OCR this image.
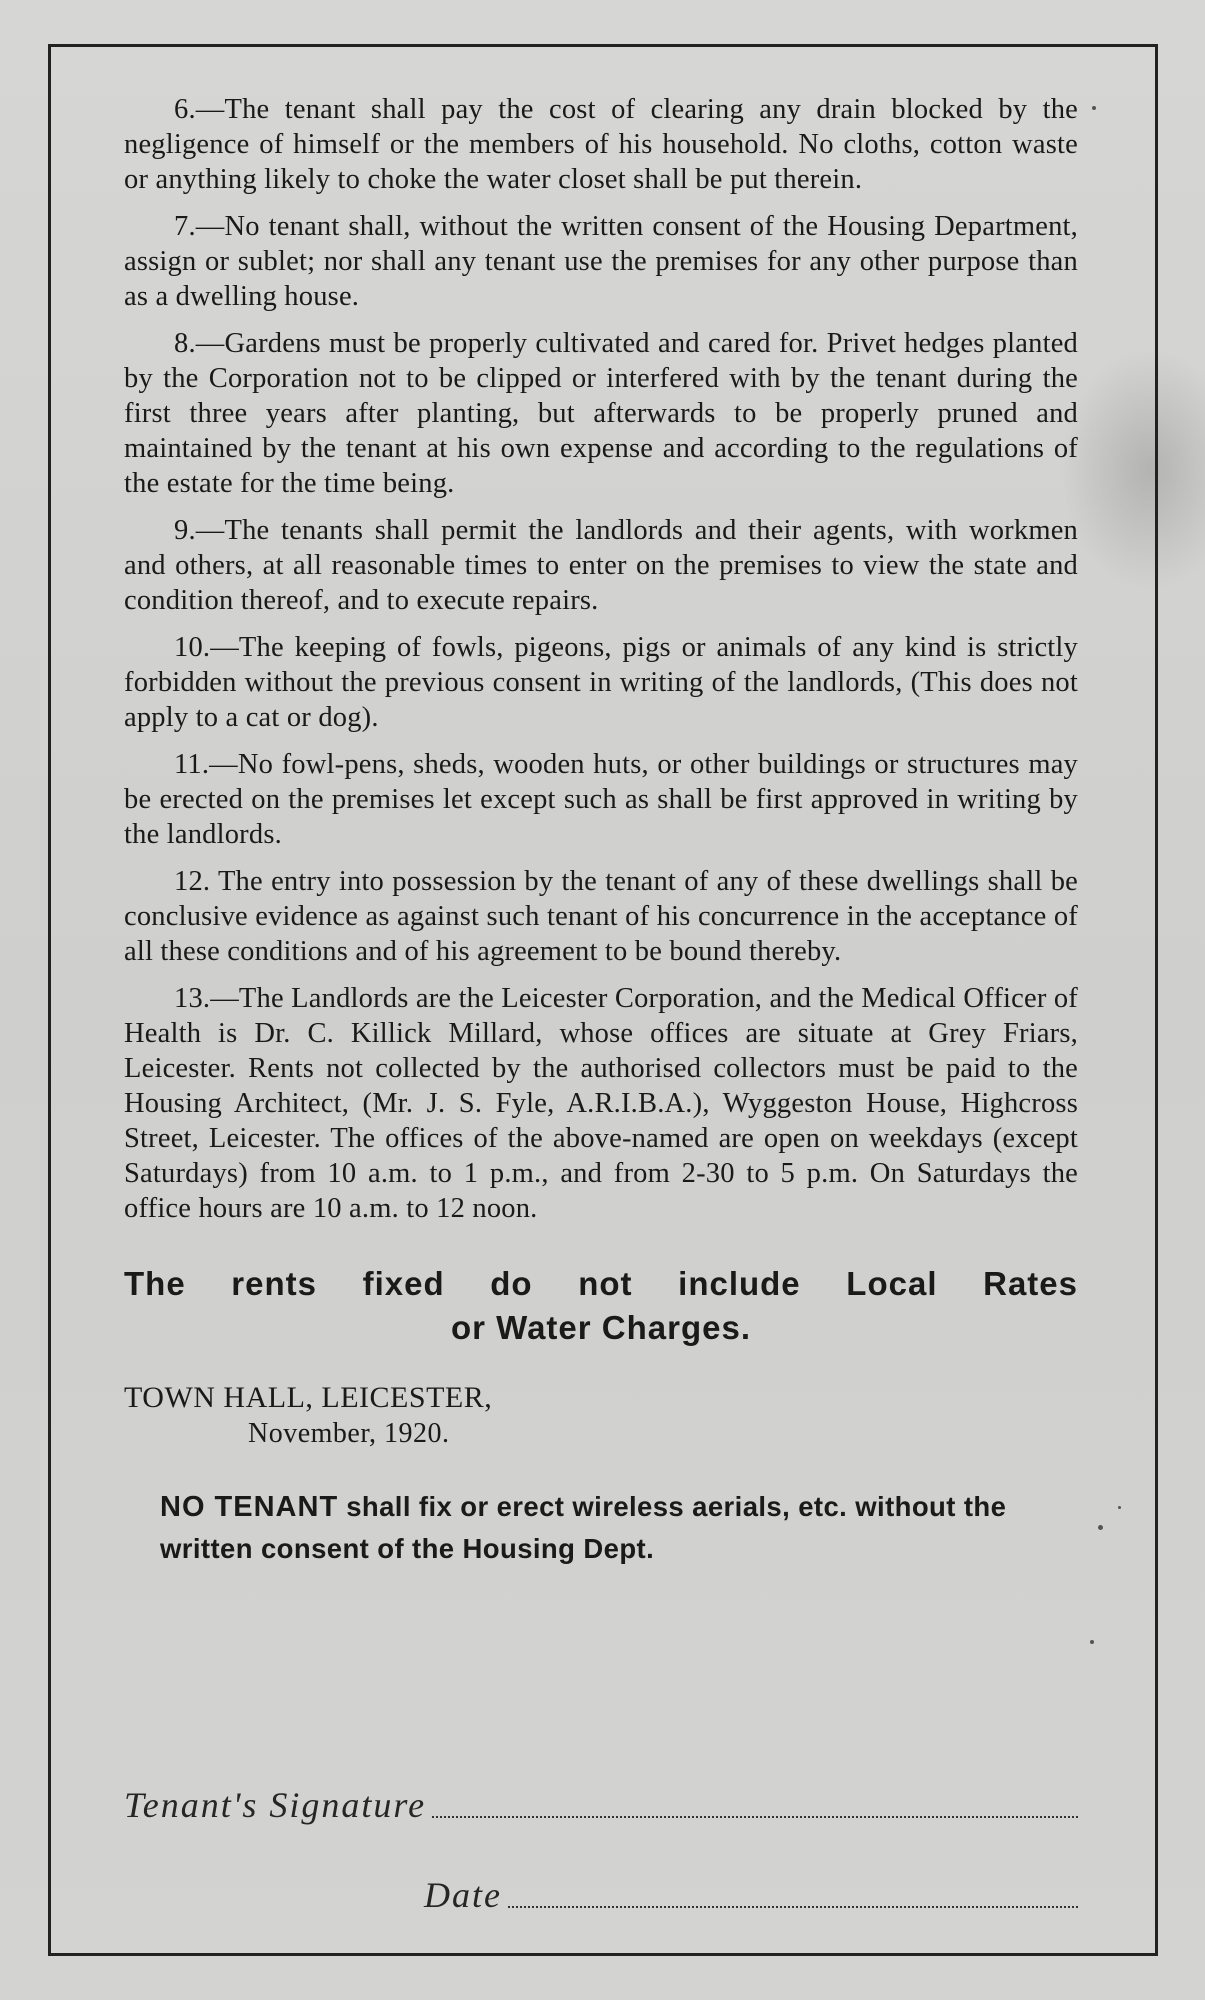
6.—The tenant shall pay the cost of clearing any drain blocked by the negligence of himself or the members of his household. No cloths, cotton waste or anything likely to choke the water closet shall be put therein.

7.—No tenant shall, without the written consent of the Housing Department, assign or sublet; nor shall any tenant use the premises for any other purpose than as a dwelling house.

8.—Gardens must be properly cultivated and cared for. Privet hedges planted by the Corporation not to be clipped or interfered with by the tenant during the first three years after planting, but afterwards to be properly pruned and maintained by the tenant at his own expense and according to the regulations of the estate for the time being.

9.—The tenants shall permit the landlords and their agents, with workmen and others, at all reasonable times to enter on the premises to view the state and condition thereof, and to execute repairs.

10.—The keeping of fowls, pigeons, pigs or animals of any kind is strictly forbidden without the previous consent in writing of the landlords, (This does not apply to a cat or dog).

11.—No fowl-pens, sheds, wooden huts, or other buildings or structures may be erected on the premises let except such as shall be first approved in writing by the landlords.

12. The entry into possession by the tenant of any of these dwellings shall be conclusive evidence as against such tenant of his concurrence in the acceptance of all these conditions and of his agreement to be bound thereby.

13.—The Landlords are the Leicester Corporation, and the Medical Officer of Health is Dr. C. Killick Millard, whose offices are situate at Grey Friars, Leicester. Rents not collected by the authorised collectors must be paid to the Housing Architect, (Mr. J. S. Fyle, A.R.I.B.A.), Wyggeston House, Highcross Street, Leicester. The offices of the above-named are open on weekdays (except Saturdays) from 10 a.m. to 1 p.m., and from 2-30 to 5 p.m. On Saturdays the office hours are 10 a.m. to 12 noon.

The rents fixed do not include Local Rates
or Water Charges.
TOWN HALL, LEICESTER,
November, 1920.
NO TENANT shall fix or erect wireless aerials, etc. without the written consent of the Housing Dept.
Tenant's Signature
Date
